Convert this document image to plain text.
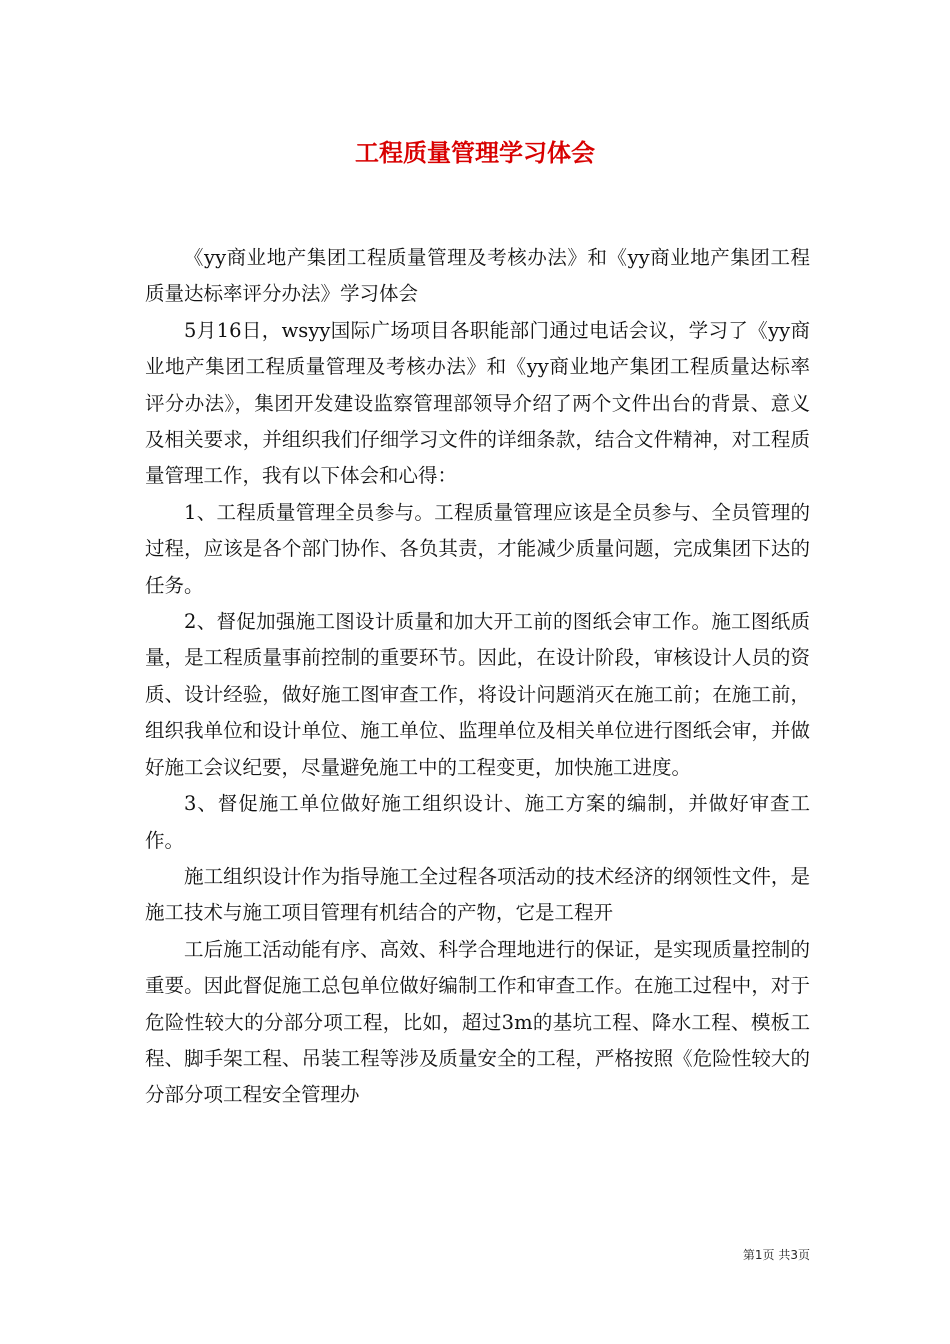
工程质量管理学习体会

《yy商业地产集团工程质量管理及考核办法》和《yy商业地产集团工程质量达标率评分办法》学习体会

5月16日，wsyy国际广场项目各职能部门通过电话会议，学习了《yy商业地产集团工程质量管理及考核办法》和《yy商业地产集团工程质量达标率评分办法》，集团开发建设监察管理部领导介绍了两个文件出台的背景、意义及相关要求，并组织我们仔细学习文件的详细条款，结合文件精神，对工程质量管理工作，我有以下体会和心得：

1、工程质量管理全员参与。工程质量管理应该是全员参与、全员管理的过程，应该是各个部门协作、各负其责，才能减少质量问题，完成集团下达的任务。

2、督促加强施工图设计质量和加大开工前的图纸会审工作。施工图纸质量，是工程质量事前控制的重要环节。因此，在设计阶段，审核设计人员的资质、设计经验，做好施工图审查工作，将设计问题消灭在施工前；在施工前，组织我单位和设计单位、施工单位、监理单位及相关单位进行图纸会审，并做好施工会议纪要，尽量避免施工中的工程变更，加快施工进度。

3、督促施工单位做好施工组织设计、施工方案的编制，并做好审查工作。

施工组织设计作为指导施工全过程各项活动的技术经济的纲领性文件，是施工技术与施工项目管理有机结合的产物，它是工程开

工后施工活动能有序、高效、科学合理地进行的保证，是实现质量控制的重要。因此督促施工总包单位做好编制工作和审查工作。在施工过程中，对于危险性较大的分部分项工程，比如，超过3m的基坑工程、降水工程、模板工程、脚手架工程、吊装工程等涉及质量安全的工程，严格按照《危险性较大的分部分项工程安全管理办

第1页 共3页
